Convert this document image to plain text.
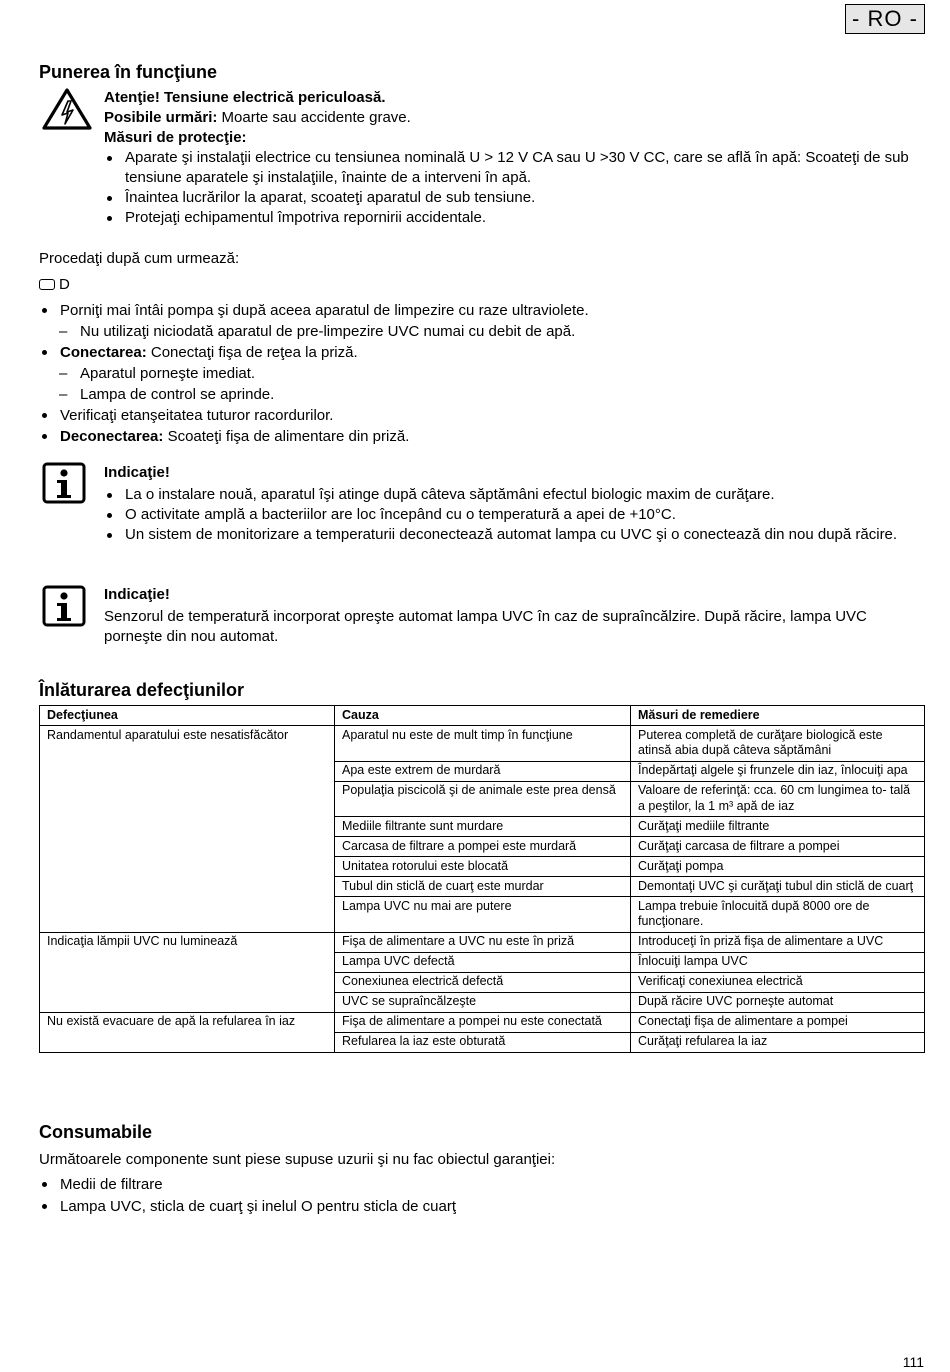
- RO -
Punerea în funcţiune

Atenţie! Tensiune electrică periculoasă.

Posibile urmări: Moarte sau accidente grave.

Măsuri de protecţie:

Aparate şi instalaţii electrice cu tensiunea nominală U > 12 V CA sau U >30 V CC, care se află în apă: Scoateţi de sub tensiune aparatele şi instalaţiile, înainte de a interveni în apă.
Înaintea lucrărilor la aparat, scoateţi aparatul de sub tensiune.
Protejaţi echipamentul împotriva repornirii accidentale.
Procedaţi după cum urmează:
D
Porniţi mai întâi pompa şi după aceea aparatul de limpezire cu raze ultraviolete.
– Nu utilizaţi niciodată aparatul de pre-limpezire UVC numai cu debit de apă.
Conectarea: Conectaţi fişa de reţea la priză.
– Aparatul porneşte imediat.
– Lampa de control se aprinde.
Verificaţi etanşeitatea tuturor racordurilor.
Deconectarea: Scoateţi fişa de alimentare din priză.

Indicaţie!

La o instalare nouă, aparatul îşi atinge după câteva săptămâni efectul biologic maxim de curăţare.
O activitate amplă a bacteriilor are loc începând cu o temperatură a apei de +10°C.
Un sistem de monitorizare a temperaturii deconectează automat lampa cu UVC şi o conectează din nou după răcire.

Indicaţie!

Senzorul de temperatură incorporat opreşte automat lampa UVC în caz de supraîncălzire. După răcire, lampa UVC porneşte din nou automat.

Înlăturarea defecţiunilor
Defecţiunea	Cauza	Măsuri de remediere
Randamentul aparatului este nesatisfăcător	Aparatul nu este de mult timp în funcţiune	Puterea completă de curăţare biologică este atinsă abia după câteva săptămâni
	Apa este extrem de murdară	Îndepărtaţi algele şi frunzele din iaz, înlocuiţi apa
	Populaţia piscicolă şi de animale este prea densă	Valoare de referinţă: cca. 60 cm lungimea to- tală a peştilor, la 1 m³ apă de iaz
	Mediile filtrante sunt murdare	Curăţaţi mediile filtrante
	Carcasa de filtrare a pompei este murdară	Curăţaţi carcasa de filtrare a pompei
	Unitatea rotorului este blocată	Curăţaţi pompa
	Tubul din sticlă de cuarţ este murdar	Demontaţi UVC şi curăţaţi tubul din sticlă de cuarţ
	Lampa UVC nu mai are putere	Lampa trebuie înlocuită după 8000 ore de funcţionare.
Indicaţia lămpii UVC nu luminează	Fişa de alimentare a UVC nu este în priză	Introduceţi în priză fişa de alimentare a UVC
	Lampa UVC defectă	Înlocuiţi lampa UVC
	Conexiunea electrică defectă	Verificaţi conexiunea electrică
	UVC se supraîncălzeşte	După răcire UVC porneşte automat
Nu există evacuare de apă la refularea în iaz	Fişa de alimentare a pompei nu este conectată	Conectaţi fişa de alimentare a pompei
	Refularea la iaz este obturată	Curăţaţi refularea la iaz
Consumabile
Următoarele componente sunt piese supuse uzurii şi nu fac obiectul garanţiei:
Medii de filtrare
Lampa UVC, sticla de cuarţ şi inelul O pentru sticla de cuarţ
111
